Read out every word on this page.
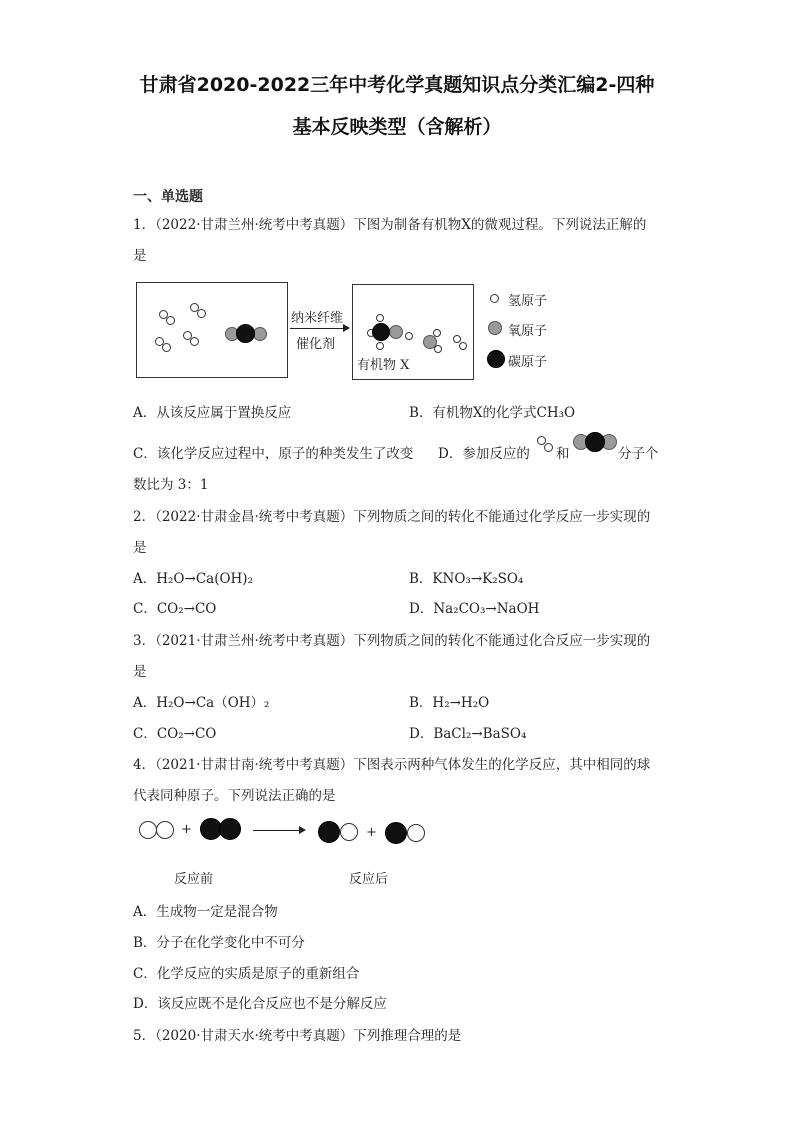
甘肃省2020-2022三年中考化学真题知识点分类汇编2-四种
基本反映类型（含解析）
一、单选题
1．（2022·甘肃兰州·统考中考真题）下图为制备有机物X的微观过程。下列说法正解的
是
纳米纤维
催化剂
有机物 X
氢原子
氧原子
碳原子
A．从该反应属于置换反应	B．有机物X的化学式CH₃O
C．该化学反应过程中，原子的种类发生了改变 D．参加反应的 和	分子个
数比为 3：1
2．（2022·甘肃金昌·统考中考真题）下列物质之间的转化不能通过化学反应一步实现的
是
A．H₂O→Ca(OH)₂	B．KNO₃→K₂SO₄
C．CO₂→CO	D．Na₂CO₃→NaOH
3．（2021·甘肃兰州·统考中考真题）下列物质之间的转化不能通过化合反应一步实现的
是
A．H₂O→Ca（OH）₂	B．H₂→H₂O
C．CO₂→CO	D．BaCl₂→BaSO₄
4．（2021·甘肃甘南·统考中考真题）下图表示两种气体发生的化学反应，其中相同的球
代表同种原子。下列说法正确的是
+	+
反应前	反应后
A．生成物一定是混合物
B．分子在化学变化中不可分
C．化学反应的实质是原子的重新组合
D．该反应既不是化合反应也不是分解反应
5．（2020·甘肃天水·统考中考真题）下列推理合理的是
